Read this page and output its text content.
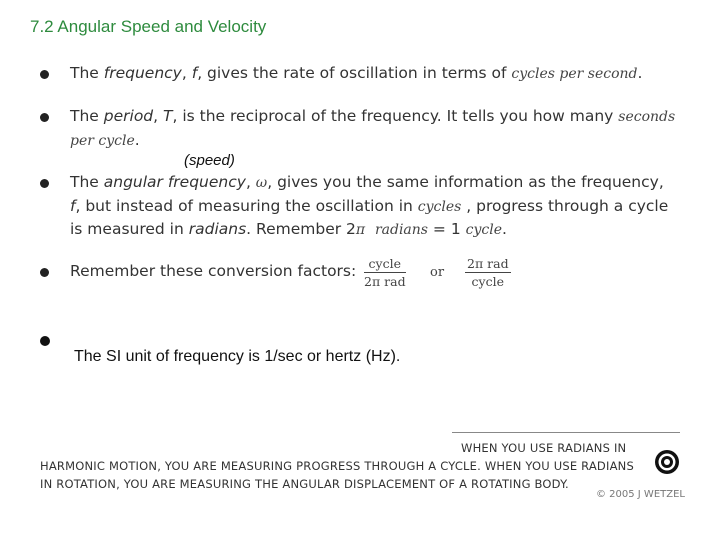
7.2 Angular Speed and Velocity
The frequency, f, gives the rate of oscillation in terms of cycles per second.
The period, T, is the reciprocal of the frequency. It tells you how many seconds
per cycle.
(speed)
The angular frequency, ω, gives you the same information as the frequency,
f, but instead of measuring the oscillation in cycles , progress through a cycle
is measured in radians. Remember 2π radians = 1 cycle.
Remember these conversion factors: cycle
2π rad
or
2π rad
cycle
The SI unit of frequency is 1/sec or hertz (Hz).
WHEN YOU USE RADIANS IN
HARMONIC MOTION, YOU ARE MEASURING PROGRESS THROUGH A CYCLE. WHEN YOU USE RADIANS
IN ROTATION, YOU ARE MEASURING THE ANGULAR DISPLACEMENT OF A ROTATING BODY.
© 2005 J WETZEL
